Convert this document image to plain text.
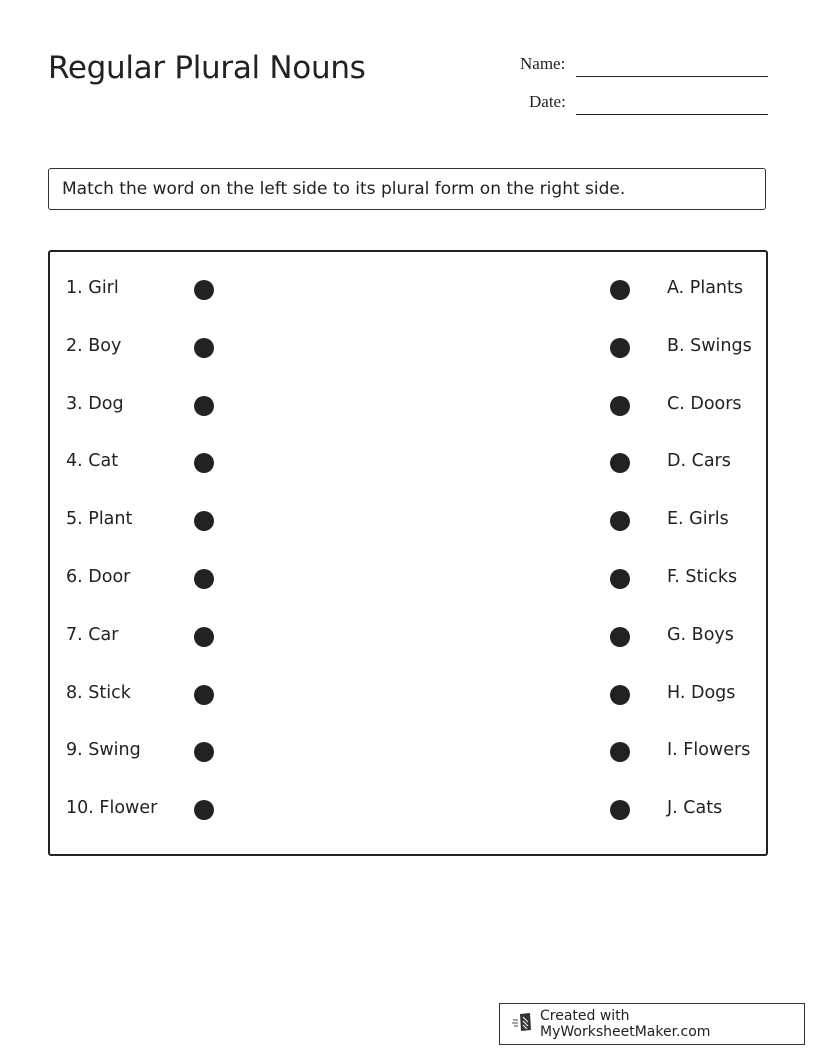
Regular Plural Nouns	Name:
Date:
Match the word on the left side to its plural form on the right side.
Created with MyWorksheetMaker.com
1. Girl
2. Boy
3. Dog
4. Cat
5. Plant
6. Door
7. Car
8. Stick
9. Swing
10. Flower
A. Plants
B. Swings
C. Doors
D. Cars
E. Girls
F. Sticks
G. Boys
H. Dogs
I. Flowers
J. Cats
